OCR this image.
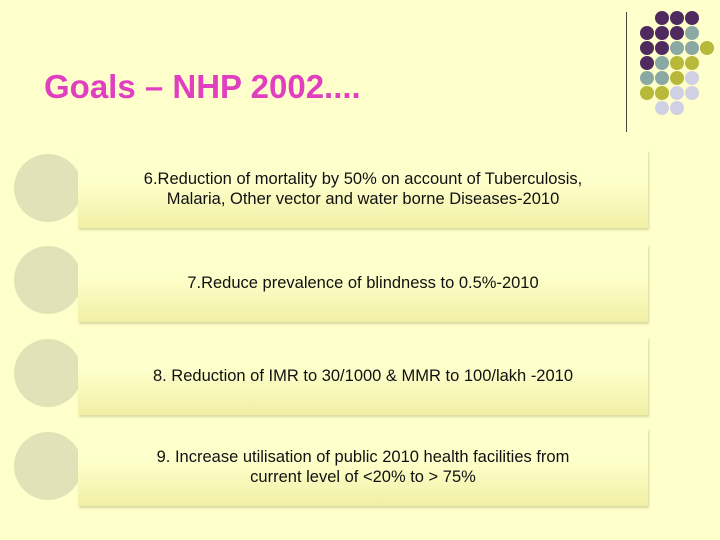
Goals – NHP 2002....
6.Reduction of mortality by 50% on account of Tuberculosis,
Malaria, Other vector and water borne Diseases-2010
7.Reduce prevalence of blindness to 0.5%-2010
8. Reduction of IMR to 30/1000 & MMR to 100/lakh -2010
9. Increase utilisation of public 2010 health facilities from
current level of <20% to > 75%
